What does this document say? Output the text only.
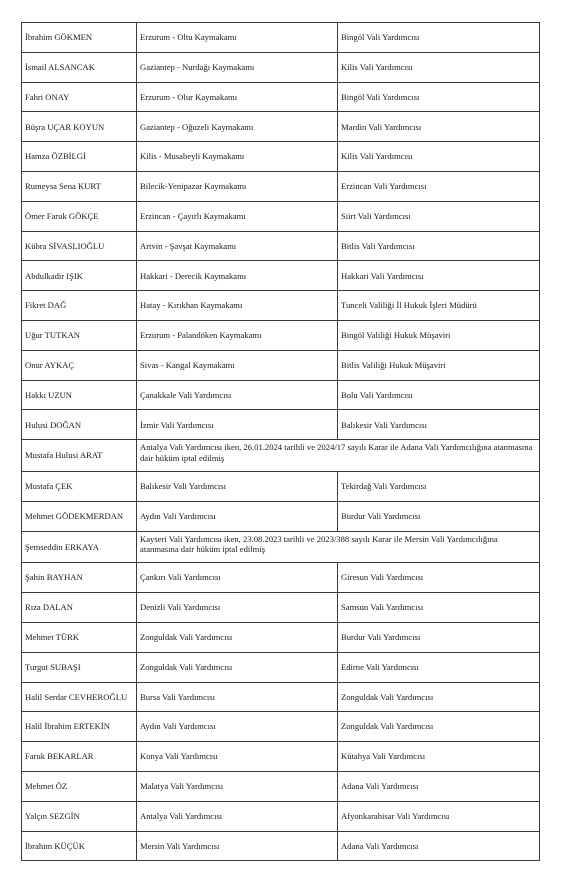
İbrahim GÖKMEN	Erzurum - Oltu Kaymakamı	Bingöl Vali Yardımcısı
İsmail ALSANCAK	Gaziantep - Nurdağı Kaymakamı	Kilis Vali Yardımcısı
Fahri ONAY	Erzurum - Olur Kaymakamı	Bingöl Vali Yardımcısı
Büşra UÇAR KOYUN	Gaziantep - Oğuzeli Kaymakamı	Mardin Vali Yardımcısı
Hamza ÖZBİLGİ	Kilis - Musabeyli Kaymakamı	Kilis Vali Yardımcısı
Rumeysa Sena KURT	Bilecik-Yenipazar Kaymakamı	Erzincan Vali Yardımcısı
Ömer Faruk GÖKÇE	Erzincan - Çayırlı Kaymakamı	Siirt Vali Yardımcısı
Kübra SİVASLIOĞLU	Artvin - Şavşat Kaymakamı	Bitlis Vali Yardımcısı
Abdulkadir IŞIK	Hakkari - Derecik Kaymakamı	Hakkari Vali Yardımcısı
Fikret DAĞ	Hatay - Kırıkhan Kaymakamı	Tunceli Valiliği İl Hukuk İşleri Müdürü
Uğur TUTKAN	Erzurum - Palandöken Kaymakamı	Bingöl Valiliği Hukuk Müşaviri
Onur AYKAÇ	Sivas - Kangal Kaymakamı	Bitlis Valiliği Hukuk Müşaviri
Hakkı UZUN	Çanakkale Vali Yardımcısı	Bolu Vali Yardımcısı
Hulusi DOĞAN	İzmir Vali Yardımcısı	Balıkesir Vali Yardımcısı
Mustafa Hulusi ARAT	Antalya Vali Yardımcısı iken, 26.01.2024 tarihli ve 2024/17 sayılı Karar ile Adana Vali Yardımcılığına atanmasına dair hüküm iptal edilmiş	
Mustafa ÇEK	Balıkesir Vali Yardımcısı	Tekirdağ Vali Yardımcısı
Mehmet GÖDEKMERDAN	Aydın Vali Yardımcısı	Burdur Vali Yardımcısı
Şemseddin ERKAYA	Kayseri Vali Yardımcısı iken, 23.08.2023 tarihli ve 2023/388 sayılı Karar ile Mersin Vali Yardımcılığına atanmasına dair hüküm iptal edilmiş	
Şahin BAYHAN	Çankırı Vali Yardımcısı	Giresun Vali Yardımcısı
Rıza DALAN	Denizli Vali Yardımcısı	Samsun Vali Yardımcısı
Mehmet TÜRK	Zonguldak Vali Yardımcısı	Burdur Vali Yardımcısı
Turgut SUBAŞI	Zonguldak Vali Yardımcısı	Edirne Vali Yardımcısı
Halil Serdar CEVHEROĞLU	Bursa Vali Yardımcısı	Zonguldak Vali Yardımcısı
Halil İbrahim ERTEKİN	Aydın Vali Yardımcısı	Zonguldak Vali Yardımcısı
Faruk BEKARLAR	Konya Vali Yardımcısı	Kütahya Vali Yardımcısı
Mehmet ÖZ	Malatya Vali Yardımcısı	Adana Vali Yardımcısı
Yalçın SEZGİN	Antalya Vali Yardımcısı	Afyonkarahisar Vali Yardımcısı
İbrahim KÜÇÜK	Mersin Vali Yardımcısı	Adana Vali Yardımcısı
